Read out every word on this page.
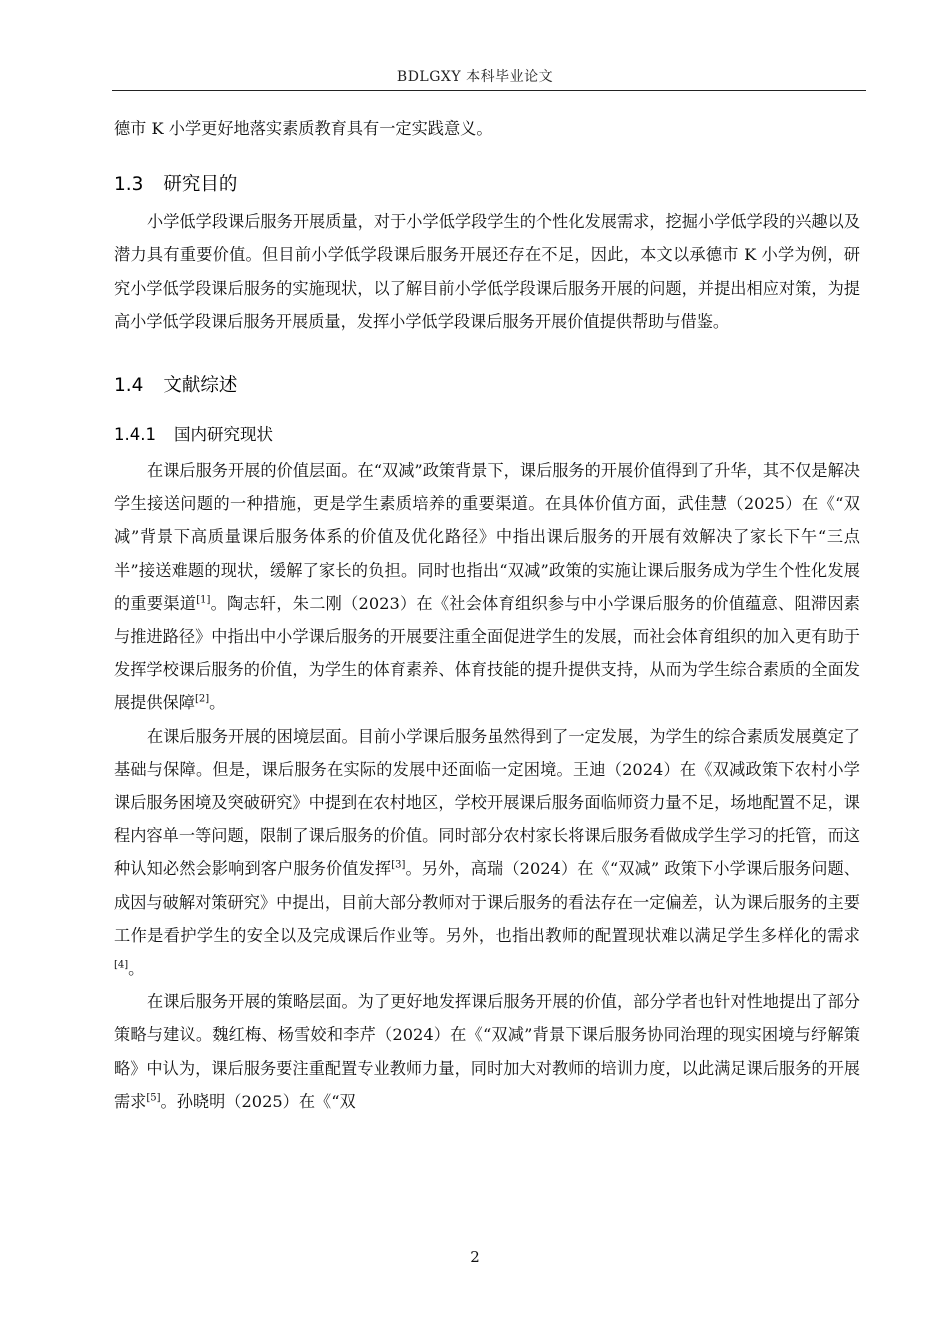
BDLGXY 本科毕业论文

德市 K 小学更好地落实素质教育具有一定实践意义。

1.3 研究目的

小学低学段课后服务开展质量，对于小学低学段学生的个性化发展需求，挖掘小学低学段的兴趣以及潜力具有重要价值。但目前小学低学段课后服务开展还存在不足，因此，本文以承德市 K 小学为例，研究小学低学段课后服务的实施现状，以了解目前小学低学段课后服务开展的问题，并提出相应对策，为提高小学低学段课后服务开展质量，发挥小学低学段课后服务开展价值提供帮助与借鉴。

1.4 文献综述
1.4.1 国内研究现状

在课后服务开展的价值层面。在“双减”政策背景下，课后服务的开展价值得到了升华，其不仅是解决学生接送问题的一种措施，更是学生素质培养的重要渠道。在具体价值方面，武佳慧（2025）在《“双减”背景下高质量课后服务体系的价值及优化路径》中指出课后服务的开展有效解决了家长下午“三点半”接送难题的现状，缓解了家长的负担。同时也指出“双减”政策的实施让课后服务成为学生个性化发展的重要渠道[1]。陶志轩，朱二刚（2023）在《社会体育组织参与中小学课后服务的价值蕴意、阻滞因素与推进路径》中指出中小学课后服务的开展要注重全面促进学生的发展，而社会体育组织的加入更有助于发挥学校课后服务的价值，为学生的体育素养、体育技能的提升提供支持，从而为学生综合素质的全面发展提供保障[2]。

在课后服务开展的困境层面。目前小学课后服务虽然得到了一定发展，为学生的综合素质发展奠定了基础与保障。但是，课后服务在实际的发展中还面临一定困境。王迪（2024）在《双减政策下农村小学课后服务困境及突破研究》中提到在农村地区，学校开展课后服务面临师资力量不足，场地配置不足，课程内容单一等问题，限制了课后服务的价值。同时部分农村家长将课后服务看做成学生学习的托管，而这种认知必然会影响到客户服务价值发挥[3]。另外，高瑞（2024）在《“双减” 政策下小学课后服务问题、成因与破解对策研究》中提出，目前大部分教师对于课后服务的看法存在一定偏差，认为课后服务的主要工作是看护学生的安全以及完成课后作业等。另外，也指出教师的配置现状难以满足学生多样化的需求[4]。

在课后服务开展的策略层面。为了更好地发挥课后服务开展的价值，部分学者也针对性地提出了部分策略与建议。魏红梅、杨雪姣和李芹（2024）在《“双减”背景下课后服务协同治理的现实困境与纾解策略》中认为，课后服务要注重配置专业教师力量，同时加大对教师的培训力度，以此满足课后服务的开展需求[5]。孙晓明（2025）在《“双

2
